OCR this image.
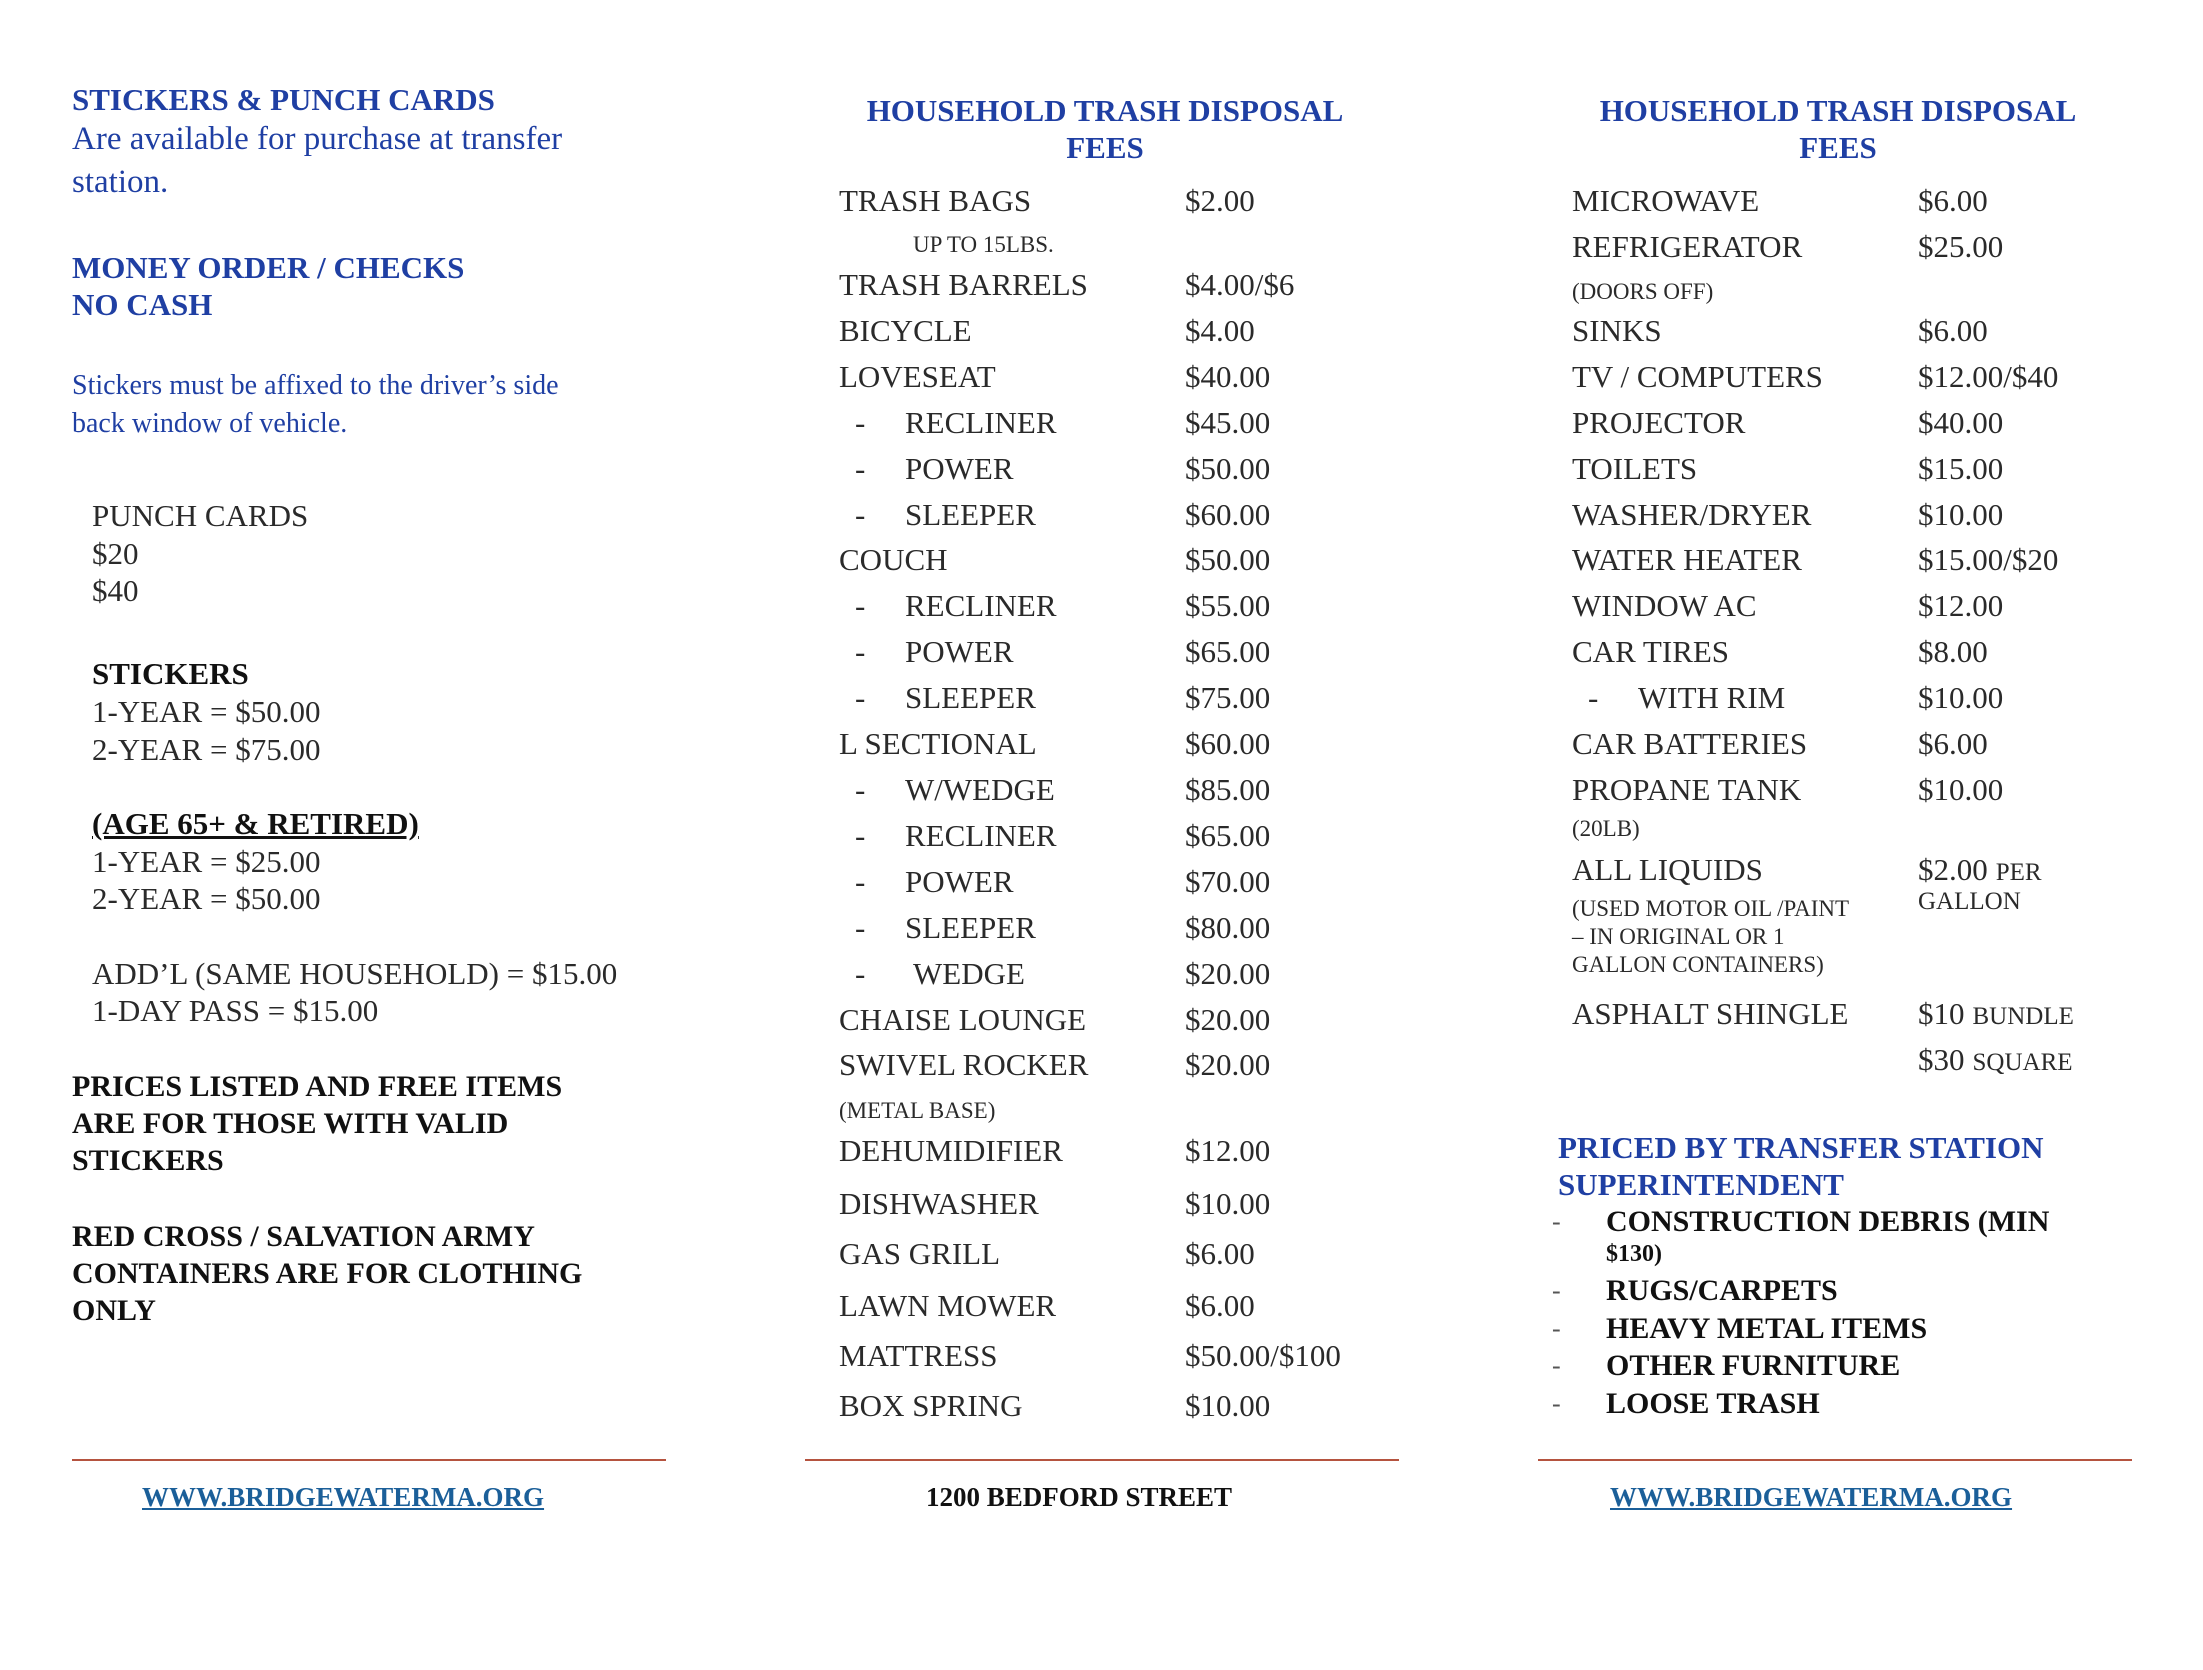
STICKERS & PUNCH CARDS
Are available for purchase at transfer
station.
MONEY ORDER / CHECKS
NO CASH
Stickers must be affixed to the driver’s side
back window of vehicle.
PUNCH CARDS
$20
$40
STICKERS
1-YEAR = $50.00
2-YEAR = $75.00
(AGE 65+ & RETIRED)
1-YEAR = $25.00
2-YEAR = $50.00
ADD’L (SAME HOUSEHOLD) = $15.00
1-DAY PASS = $15.00
PRICES LISTED AND FREE ITEMS
ARE FOR THOSE WITH VALID
STICKERS
RED CROSS / SALVATION ARMY
CONTAINERS ARE FOR CLOTHING
ONLY
WWW.BRIDGEWATERMA.ORG
HOUSEHOLD TRASH DISPOSAL
FEES
TRASH BAGS	$2.00
UP TO 15LBS.
TRASH BARRELS	$4.00/$6
BICYCLE	$4.00
LOVESEAT	$40.00
- RECLINER	$45.00
- POWER	$50.00
- SLEEPER	$60.00
COUCH	$50.00
- RECLINER	$55.00
- POWER	$65.00
- SLEEPER	$75.00
L SECTIONAL	$60.00
- W/WEDGE	$85.00
- RECLINER	$65.00
- POWER	$70.00
- SLEEPER	$80.00
- WEDGE	$20.00
CHAISE LOUNGE	$20.00
SWIVEL ROCKER	$20.00
(METAL BASE)
DEHUMIDIFIER	$12.00
DISHWASHER	$10.00
GAS GRILL	$6.00
LAWN MOWER	$6.00
MATTRESS	$50.00/$100
BOX SPRING	$10.00
1200 BEDFORD STREET
HOUSEHOLD TRASH DISPOSAL
FEES
MICROWAVE	$6.00
REFRIGERATOR	$25.00
(DOORS OFF)
SINKS	$6.00
TV / COMPUTERS	$12.00/$40
PROJECTOR	$40.00
TOILETS	$15.00
WASHER/DRYER	$10.00
WATER HEATER	$15.00/$20
WINDOW AC	$12.00
CAR TIRES	$8.00
- WITH RIM	$10.00
CAR BATTERIES	$6.00
PROPANE TANK	$10.00
(20LB)
ALL LIQUIDS	$2.00 PER
(USED MOTOR OIL /PAINT	GALLON
– IN ORIGINAL OR 1
GALLON CONTAINERS)
ASPHALT SHINGLE $10 BUNDLE
$30 SQUARE
PRICED BY TRANSFER STATION
SUPERINTENDENT
- CONSTRUCTION DEBRIS (MIN
- RUGS/CARPETS
- HEAVY METAL ITEMS
- OTHER FURNITURE
- LOOSE TRASH
$130)
WWW.BRIDGEWATERMA.ORG
